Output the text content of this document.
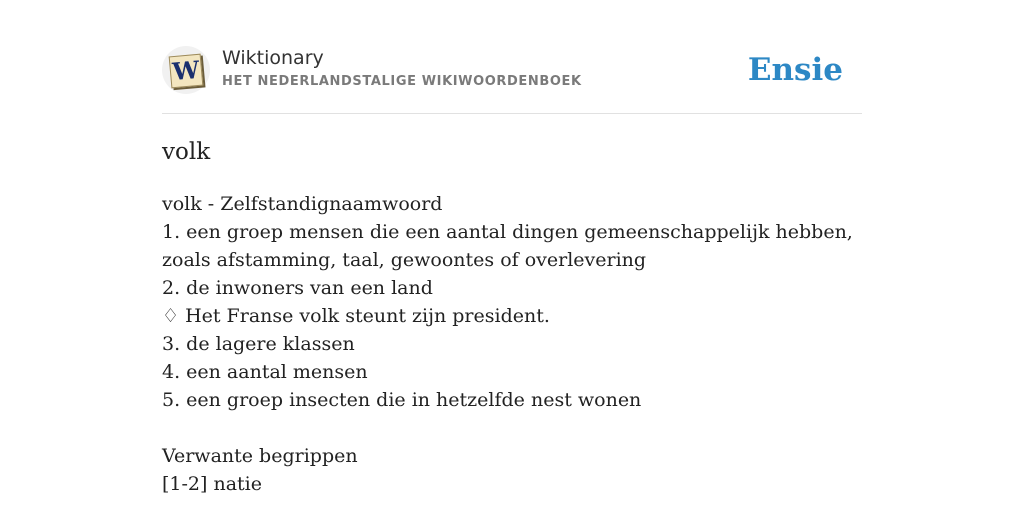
W Wiktionary
HET NEDERLANDSTALIGE WIKIWOORDENBOEK	Ensie
volk
volk - Zelfstandignaamwoord
1. een groep mensen die een aantal dingen gemeenschappelijk hebben, zoals afstamming, taal, gewoontes of overlevering
2. de inwoners van een land
♢ Het Franse volk steunt zijn president.
3. de lagere klassen
4. een aantal mensen
5. een groep insecten die in hetzelfde nest wonen
Verwante begrippen
[1-2] natie
